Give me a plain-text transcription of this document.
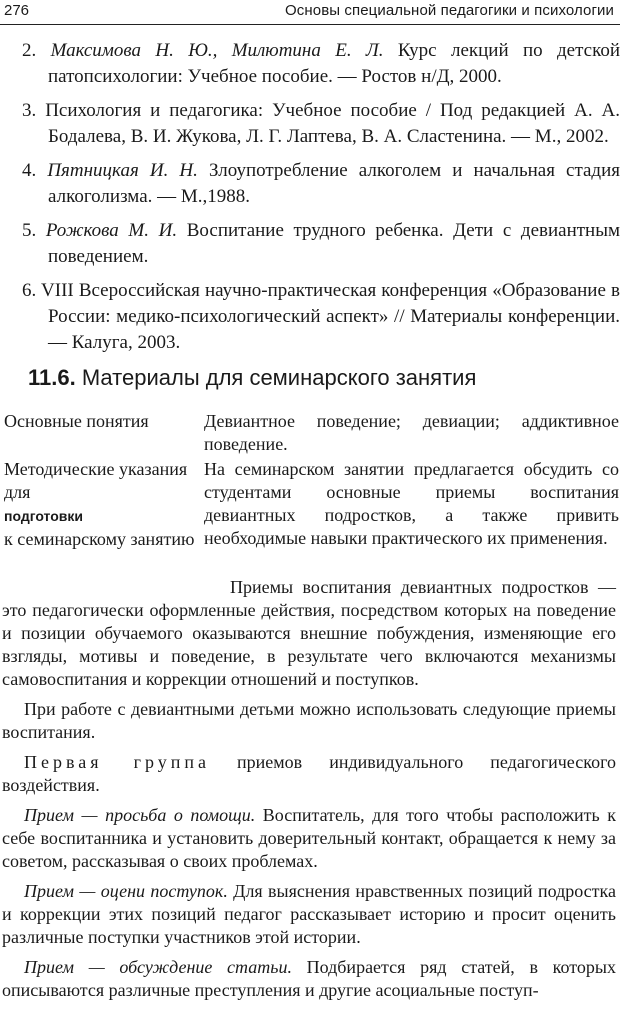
276	Основы специальной педагогики и психологии
2. Максимова Н. Ю., Милютина Е. Л. Курс лекций по детской патопсихологии: Учебное пособие. — Ростов н/Д, 2000.
3. Психология и педагогика: Учебное пособие / Под редакцией А. А. Бодалева, В. И. Жукова, Л. Г. Лаптева, В. А. Сластенина. — М., 2002.
4. Пятницкая И. Н. Злоупотребление алкоголем и начальная стадия алкоголизма. — М.,1988.
5. Рожкова М. И. Воспитание трудного ребенка. Дети с девиантным поведением.
6. VIII Всероссийская научно-практическая конференция «Образование в России: медико-психологический аспект» // Материалы конференции. — Калуга, 2003.
11.6. Материалы для семинарского занятия
Основные понятия	Девиантное поведение; девиации; аддиктивное поведение.
Методические указания для
подготовки
к семинарскому занятию
На семинарском занятии предлагается обсудить со студентами основные приемы воспитания девиантных подростков, а также привить необходимые навыки практического их применения.

Приемы воспитания девиантных подростков — это педагогически оформленные действия, посредством которых на поведение и позиции обучаемого оказываются внешние побуждения, изменяющие его взгляды, мотивы и поведение, в результате чего включаются механизмы самовоспитания и коррекции отношений и поступков.

При работе с девиантными детьми можно использовать следующие приемы воспитания.

Первая группа приемов индивидуального педагогического воздействия.

Прием — просьба о помощи. Воспитатель, для того чтобы расположить к себе воспитанника и установить доверительный контакт, обращается к нему за советом, рассказывая о своих проблемах.

Прием — оцени поступок. Для выяснения нравственных позиций подростка и коррекции этих позиций педагог рассказывает историю и просит оценить различные поступки участников этой истории.

Прием — обсуждение статьи. Подбирается ряд статей, в которых описываются различные преступления и другие асоциальные поступ-
